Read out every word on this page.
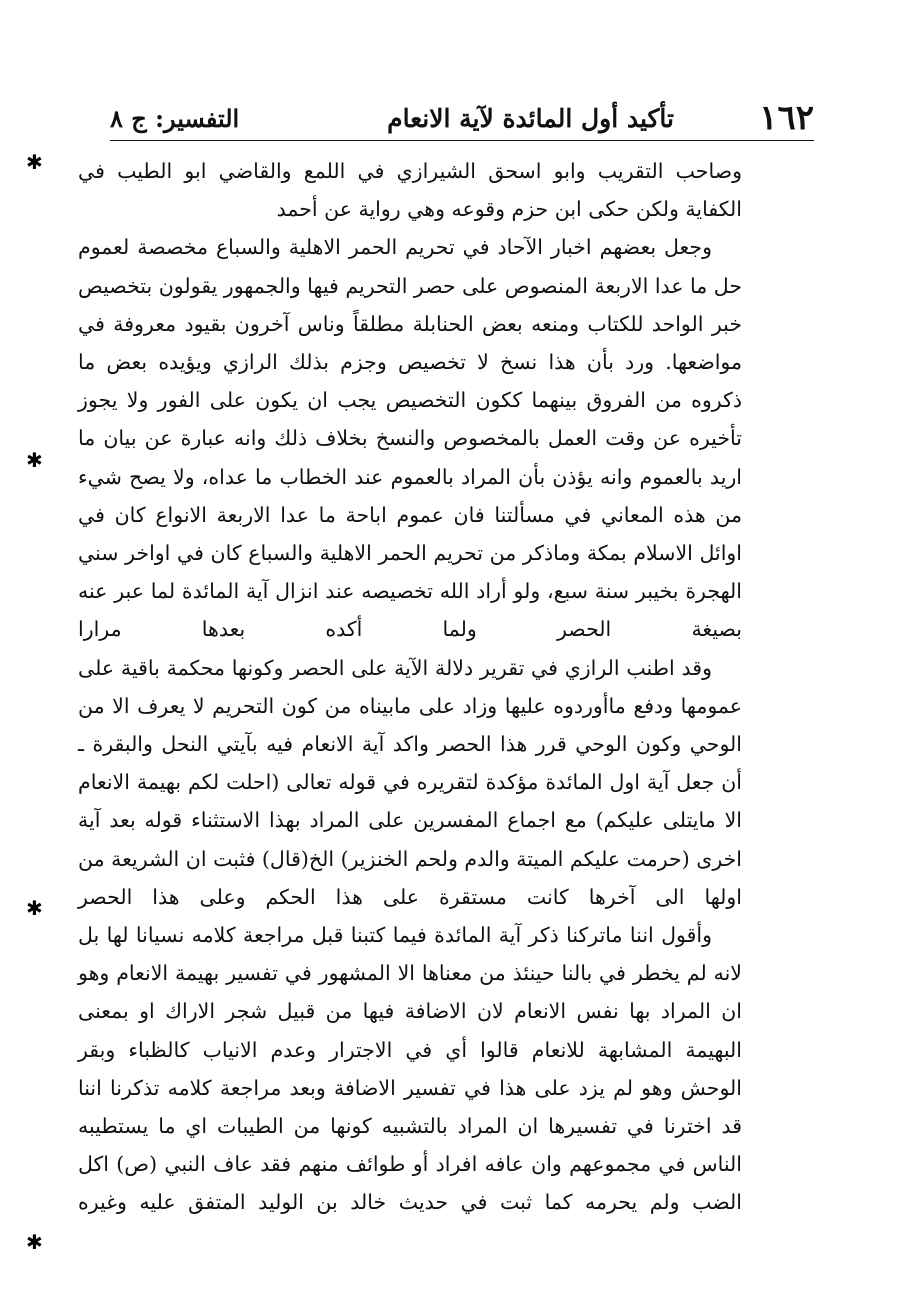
١٦٢
تأكيد أول المائدة لآية الانعام
التفسير: ج ٨

وصاحب التقريب وابو اسحق الشيرازي في اللمع والقاضي ابو الطيب في الكفاية ولكن حكى ابن حزم وقوعه وهي رواية عن أحمد

وجعل بعضهم اخبار الآحاد في تحريم الحمر الاهلية والسباع مخصصة لعموم حل ما عدا الاربعة المنصوص على حصر التحريم فيها والجمهور يقولون بتخصيص خبر الواحد للكتاب ومنعه بعض الحنابلة مطلقاً وناس آخرون بقيود معروفة في مواضعها. ورد بأن هذا نسخ لا تخصيص وجزم بذلك الرازي ويؤيده بعض ما ذكروه من الفروق بينهما ككون التخصيص يجب ان يكون على الفور ولا يجوز تأخيره عن وقت العمل بالمخصوص والنسخ بخلاف ذلك وانه عبارة عن بيان ما اريد بالعموم وانه يؤذن بأن المراد بالعموم عند الخطاب ما عداه، ولا يصح شيء من هذه المعاني في مسألتنا فان عموم اباحة ما عدا الاربعة الانواع كان في اوائل الاسلام بمكة وماذكر من تحريم الحمر الاهلية والسباع كان في اواخر سني الهجرة بخيبر سنة سبع، ولو أراد الله تخصيصه عند انزال آية المائدة لما عبر عنه بصيغة الحصر ولما أكده بعدها مرارا

وقد اطنب الرازي في تقرير دلالة الآية على الحصر وكونها محكمة باقية على عمومها ودفع ماأوردوه عليها وزاد على مابيناه من كون التحريم لا يعرف الا من الوحي وكون الوحي قرر هذا الحصر واكد آية الانعام فيه بآيتي النحل والبقرة ـ أن جعل آية اول المائدة مؤكدة لتقريره في قوله تعالى (احلت لكم بهيمة الانعام الا مايتلى عليكم) مع اجماع المفسرين على المراد بهذا الاستثناء قوله بعد آية اخرى (حرمت عليكم الميتة والدم ولحم الخنزير) الخ(قال) فثبت ان الشريعة من اولها الى آخرها كانت مستقرة على هذا الحكم وعلى هذا الحصر

وأقول اننا ماتركنا ذكر آية المائدة فيما كتبنا قبل مراجعة كلامه نسيانا لها بل لانه لم يخطر في بالنا حينئذ من معناها الا المشهور في تفسير بهيمة الانعام وهو ان المراد بها نفس الانعام لان الاضافة فيها من قبيل شجر الاراك او بمعنى البهيمة المشابهة للانعام قالوا أي في الاجترار وعدم الانياب كالظباء وبقر الوحش وهو لم يزد على هذا في تفسير الاضافة وبعد مراجعة كلامه تذكرنا اننا قد اخترنا في تفسيرها ان المراد بالتشبيه كونها من الطيبات اي ما يستطيبه الناس في مجموعهم وان عافه افراد أو طوائف منهم فقد عاف النبي (ص) اكل الضب ولم يحرمه كما ثبت في حديث خالد بن الوليد المتفق عليه وغيره

✱
✱
✱
✱
